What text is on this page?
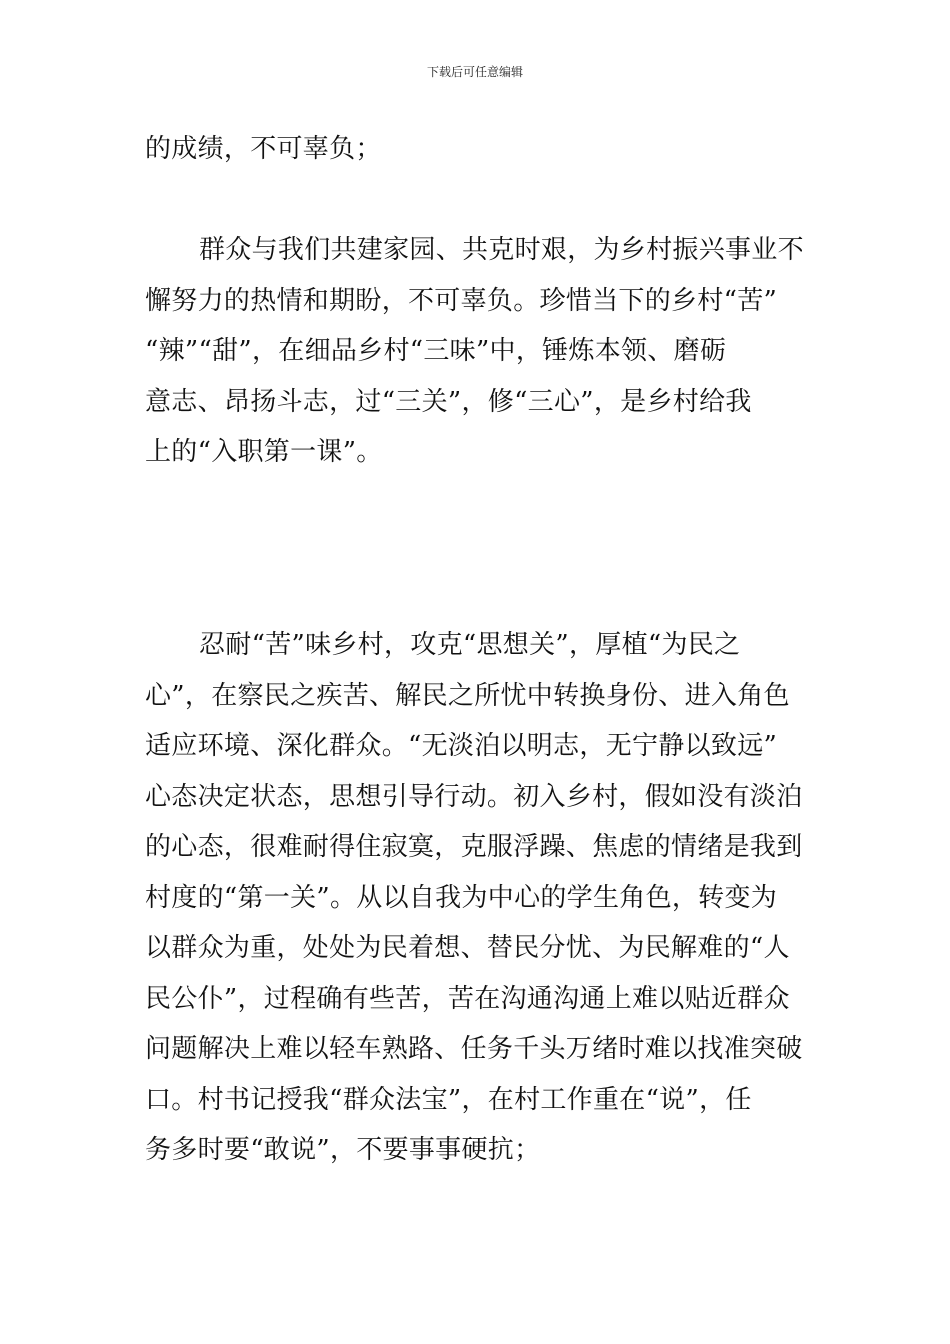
下载后可任意编辑
的成绩，不可辜负；
群众与我们共建家园、共克时艰，为乡村振兴事业不
懈努力的热情和期盼，不可辜负。珍惜当下的乡村“苦”
“辣”“甜”，在细品乡村“三味”中，锤炼本领、磨砺
意志、昂扬斗志，过“三关”，修“三心”，是乡村给我
上的“入职第一课”。
忍耐“苦”味乡村，攻克“思想关”，厚植“为民之
心”，在察民之疾苦、解民之所忧中转换身份、进入角色
适应环境、深化群众。“无淡泊以明志，无宁静以致远”
心态决定状态，思想引导行动。初入乡村，假如没有淡泊
的心态，很难耐得住寂寞，克服浮躁、焦虑的情绪是我到
村度的“第一关”。从以自我为中心的学生角色，转变为
以群众为重，处处为民着想、替民分忧、为民解难的“人
民公仆”，过程确有些苦，苦在沟通沟通上难以贴近群众
问题解决上难以轻车熟路、任务千头万绪时难以找准突破
口。村书记授我“群众法宝”，在村工作重在“说”，任
务多时要“敢说”，不要事事硬抗；
